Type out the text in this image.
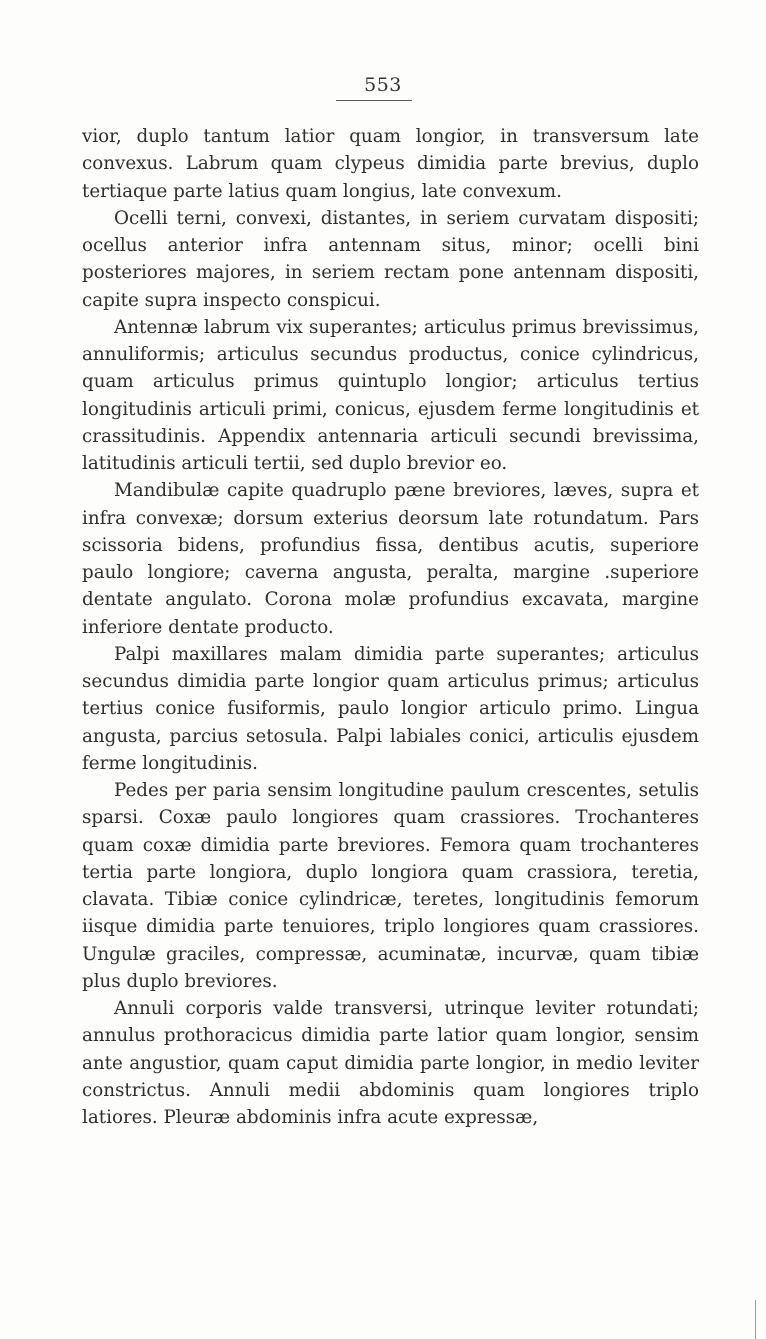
553

vior, duplo tantum latior quam longior, in transversum late convexus. Labrum quam clypeus dimidia parte brevius, duplo tertiaque parte latius quam longius, late convexum.

Ocelli terni, convexi, distantes, in seriem curvatam dispositi; ocellus anterior infra antennam situs, minor; ocelli bini posteriores majores, in seriem rectam pone antennam dispositi, capite supra inspecto conspicui.

Antennæ labrum vix superantes; articulus primus brevissimus, annuliformis; articulus secundus productus, conice cylindricus, quam articulus primus quintuplo longior; articulus tertius longitudinis articuli primi, conicus, ejusdem ferme longitudinis et crassitudinis. Appendix antennaria articuli secundi brevissima, latitudinis articuli tertii, sed duplo brevior eo.

Mandibulæ capite quadruplo pæne breviores, læves, supra et infra convexæ; dorsum exterius deorsum late rotundatum. Pars scissoria bidens, profundius fissa, dentibus acutis, superiore paulo longiore; caverna angusta, peralta, margine .superiore dentate angulato. Corona molæ profundius excavata, margine inferiore dentate producto.

Palpi maxillares malam dimidia parte superantes; articulus secundus dimidia parte longior quam articulus primus; articulus tertius conice fusiformis, paulo longior articulo primo. Lingua angusta, parcius setosula. Palpi labiales conici, articulis ejusdem ferme longitudinis.

Pedes per paria sensim longitudine paulum crescentes, setulis sparsi. Coxæ paulo longiores quam crassiores. Trochanteres quam coxæ dimidia parte breviores. Femora quam trochanteres tertia parte longiora, duplo longiora quam crassiora, teretia, clavata. Tibiæ conice cylindricæ, teretes, longitudinis femorum iisque dimidia parte tenuiores, triplo longiores quam crassiores. Ungulæ graciles, compressæ, acuminatæ, incurvæ, quam tibiæ plus duplo breviores.

Annuli corporis valde transversi, utrinque leviter rotundati; annulus prothoracicus dimidia parte latior quam longior, sensim ante angustior, quam caput dimidia parte longior, in medio leviter constrictus. Annuli medii abdominis quam longiores triplo latiores. Pleuræ abdominis infra acute expressæ,
